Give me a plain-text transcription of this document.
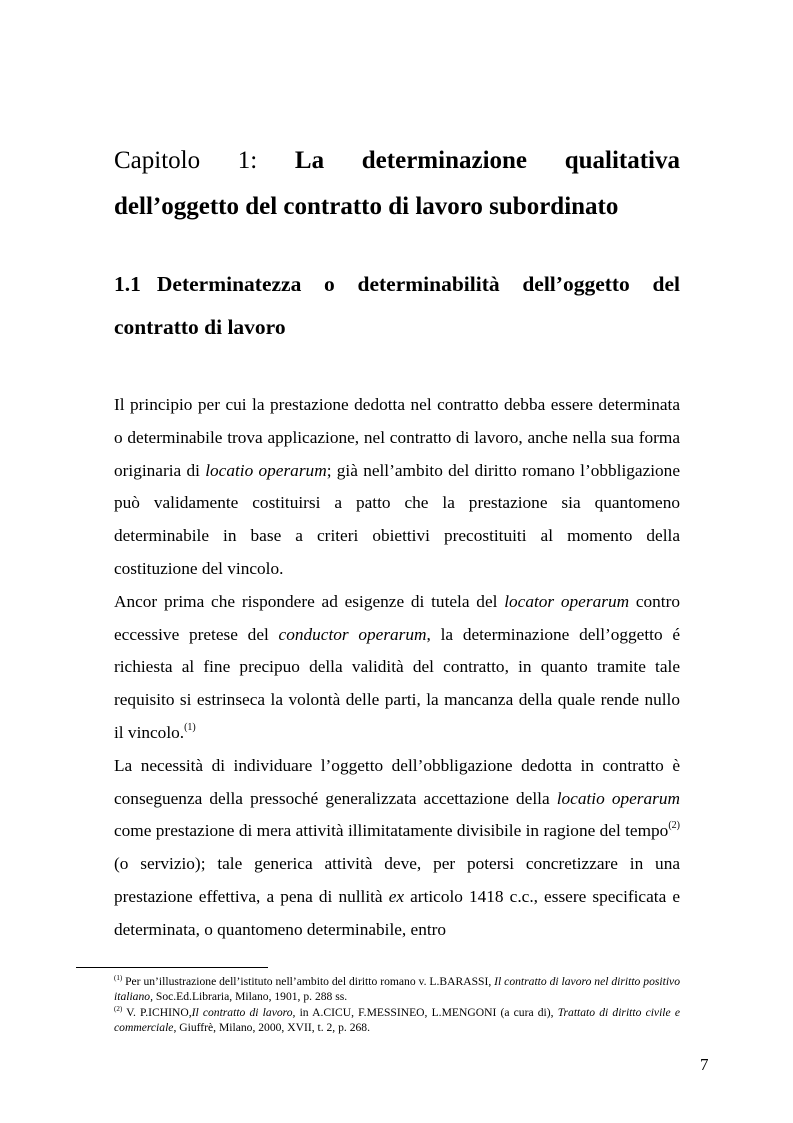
Capitolo 1: La determinazione qualitativa dell’oggetto del contratto di lavoro subordinato
1.1 Determinatezza o determinabilità dell’oggetto del contratto di lavoro

Il principio per cui la prestazione dedotta nel contratto debba essere determinata o determinabile trova applicazione, nel contratto di lavoro, anche nella sua forma originaria di locatio operarum; già nell’ambito del diritto romano l’obbligazione può validamente costituirsi a patto che la prestazione sia quantomeno determinabile in base a criteri obiettivi precostituiti al momento della costituzione del vincolo.

Ancor prima che rispondere ad esigenze di tutela del locator operarum contro eccessive pretese del conductor operarum, la determinazione dell’oggetto é richiesta al fine precipuo della validità del contratto, in quanto tramite tale requisito si estrinseca la volontà delle parti, la mancanza della quale rende nullo il vincolo.$^{(1)}$

La necessità di individuare l’oggetto dell’obbligazione dedotta in contratto è conseguenza della pressoché generalizzata accettazione della locatio operarum come prestazione di mera attività illimitatamente divisibile in ragione del tempo$^{(2)}$ (o servizio); tale generica attività deve, per potersi concretizzare in una prestazione effettiva, a pena di nullità ex articolo 1418 c.c., essere specificata e determinata, o quantomeno determinabile, entro

$^{(1)}$ Per un’illustrazione dell’istituto nell’ambito del diritto romano v. L.BARASSI, Il contratto di lavoro nel diritto positivo italiano, Soc.Ed.Libraria, Milano, 1901, p. 288 ss.

$^{(2)}$ V. P.ICHINO,Il contratto di lavoro, in A.CICU, F.MESSINEO, L.MENGONI (a cura di), Trattato di diritto civile e commerciale, Giuffrè, Milano, 2000, XVII, t. 2, p. 268.

7
